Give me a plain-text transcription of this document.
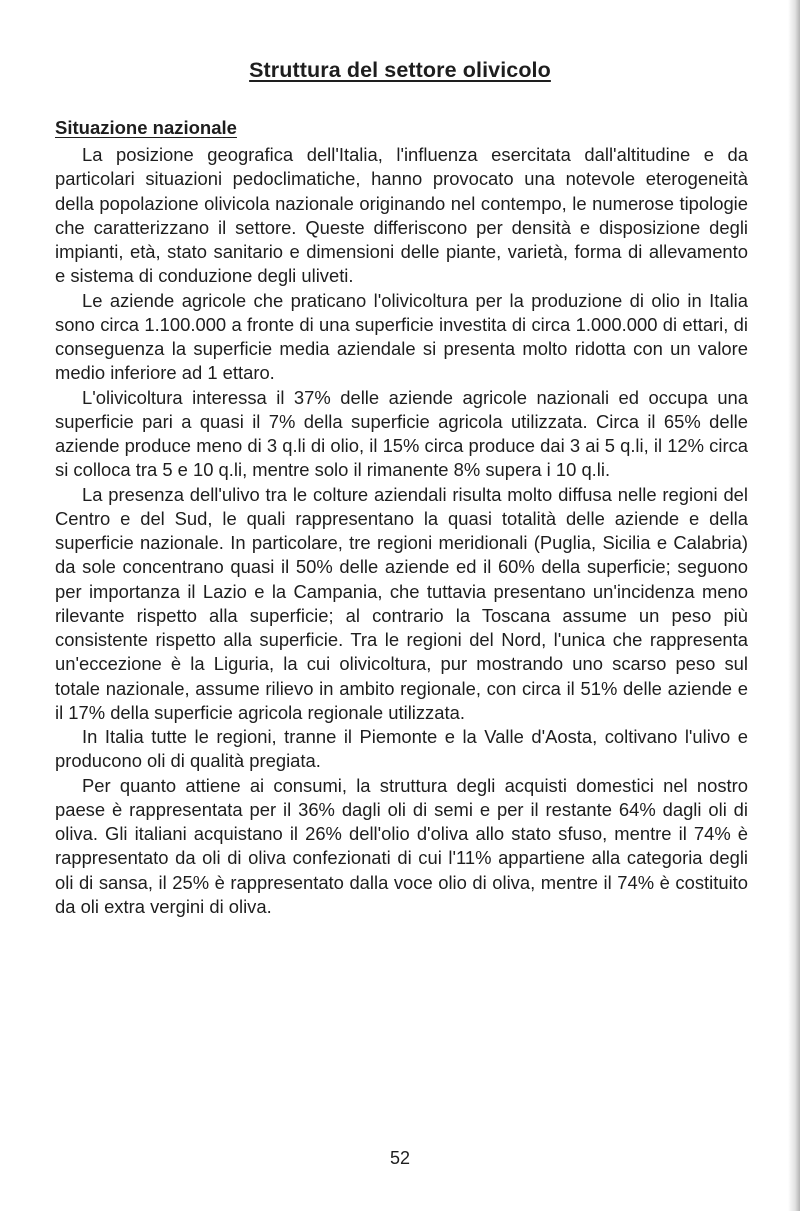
Struttura del settore olivicolo
Situazione nazionale

La posizione geografica dell'Italia, l'influenza esercitata dall'altitudine e da particolari situazioni pedoclimatiche, hanno provocato una notevole eterogeneità della popolazione olivicola nazionale originando nel contempo, le numerose tipologie che caratterizzano il settore. Queste differiscono per densità e disposizione degli impianti, età, stato sanitario e dimensioni delle piante, varietà, forma di allevamento e sistema di conduzione degli uliveti.

Le aziende agricole che praticano l'olivicoltura per la produzione di olio in Italia sono circa 1.100.000 a fronte di una superficie investita di circa 1.000.000 di ettari, di conseguenza la superficie media aziendale si presenta molto ridotta con un valore medio inferiore ad 1 ettaro.

L'olivicoltura interessa il 37% delle aziende agricole nazionali ed occupa una superficie pari a quasi il 7% della superficie agricola utilizzata. Circa il 65% delle aziende produce meno di 3 q.li di olio, il 15% circa produce dai 3 ai 5 q.li, il 12% circa si colloca tra 5 e 10 q.li, mentre solo il rimanente 8% supera i 10 q.li.

La presenza dell'ulivo tra le colture aziendali risulta molto diffusa nelle regioni del Centro e del Sud, le quali rappresentano la quasi totalità delle aziende e della superficie nazionale. In particolare, tre regioni meridionali (Puglia, Sicilia e Calabria) da sole concentrano quasi il 50% delle aziende ed il 60% della superficie; seguono per importanza il Lazio e la Campania, che tuttavia presentano un'incidenza meno rilevante rispetto alla superficie; al contrario la Toscana assume un peso più consistente rispetto alla superficie. Tra le regioni del Nord, l'unica che rappresenta un'eccezione è la Liguria, la cui olivicoltura, pur mostrando uno scarso peso sul totale nazionale, assume rilievo in ambito regionale, con circa il 51% delle aziende e il 17% della superficie agricola regionale utilizzata.

In Italia tutte le regioni, tranne il Piemonte e la Valle d'Aosta, coltivano l'ulivo e producono oli di qualità pregiata.

Per quanto attiene ai consumi, la struttura degli acquisti domestici nel nostro paese è rappresentata per il 36% dagli oli di semi e per il restante 64% dagli oli di oliva. Gli italiani acquistano il 26% dell'olio d'oliva allo stato sfuso, mentre il 74% è rappresentato da oli di oliva confezionati di cui l'11% appartiene alla categoria degli oli di sansa, il 25% è rappresentato dalla voce olio di oliva, mentre il 74% è costituito da oli extra vergini di oliva.

52
